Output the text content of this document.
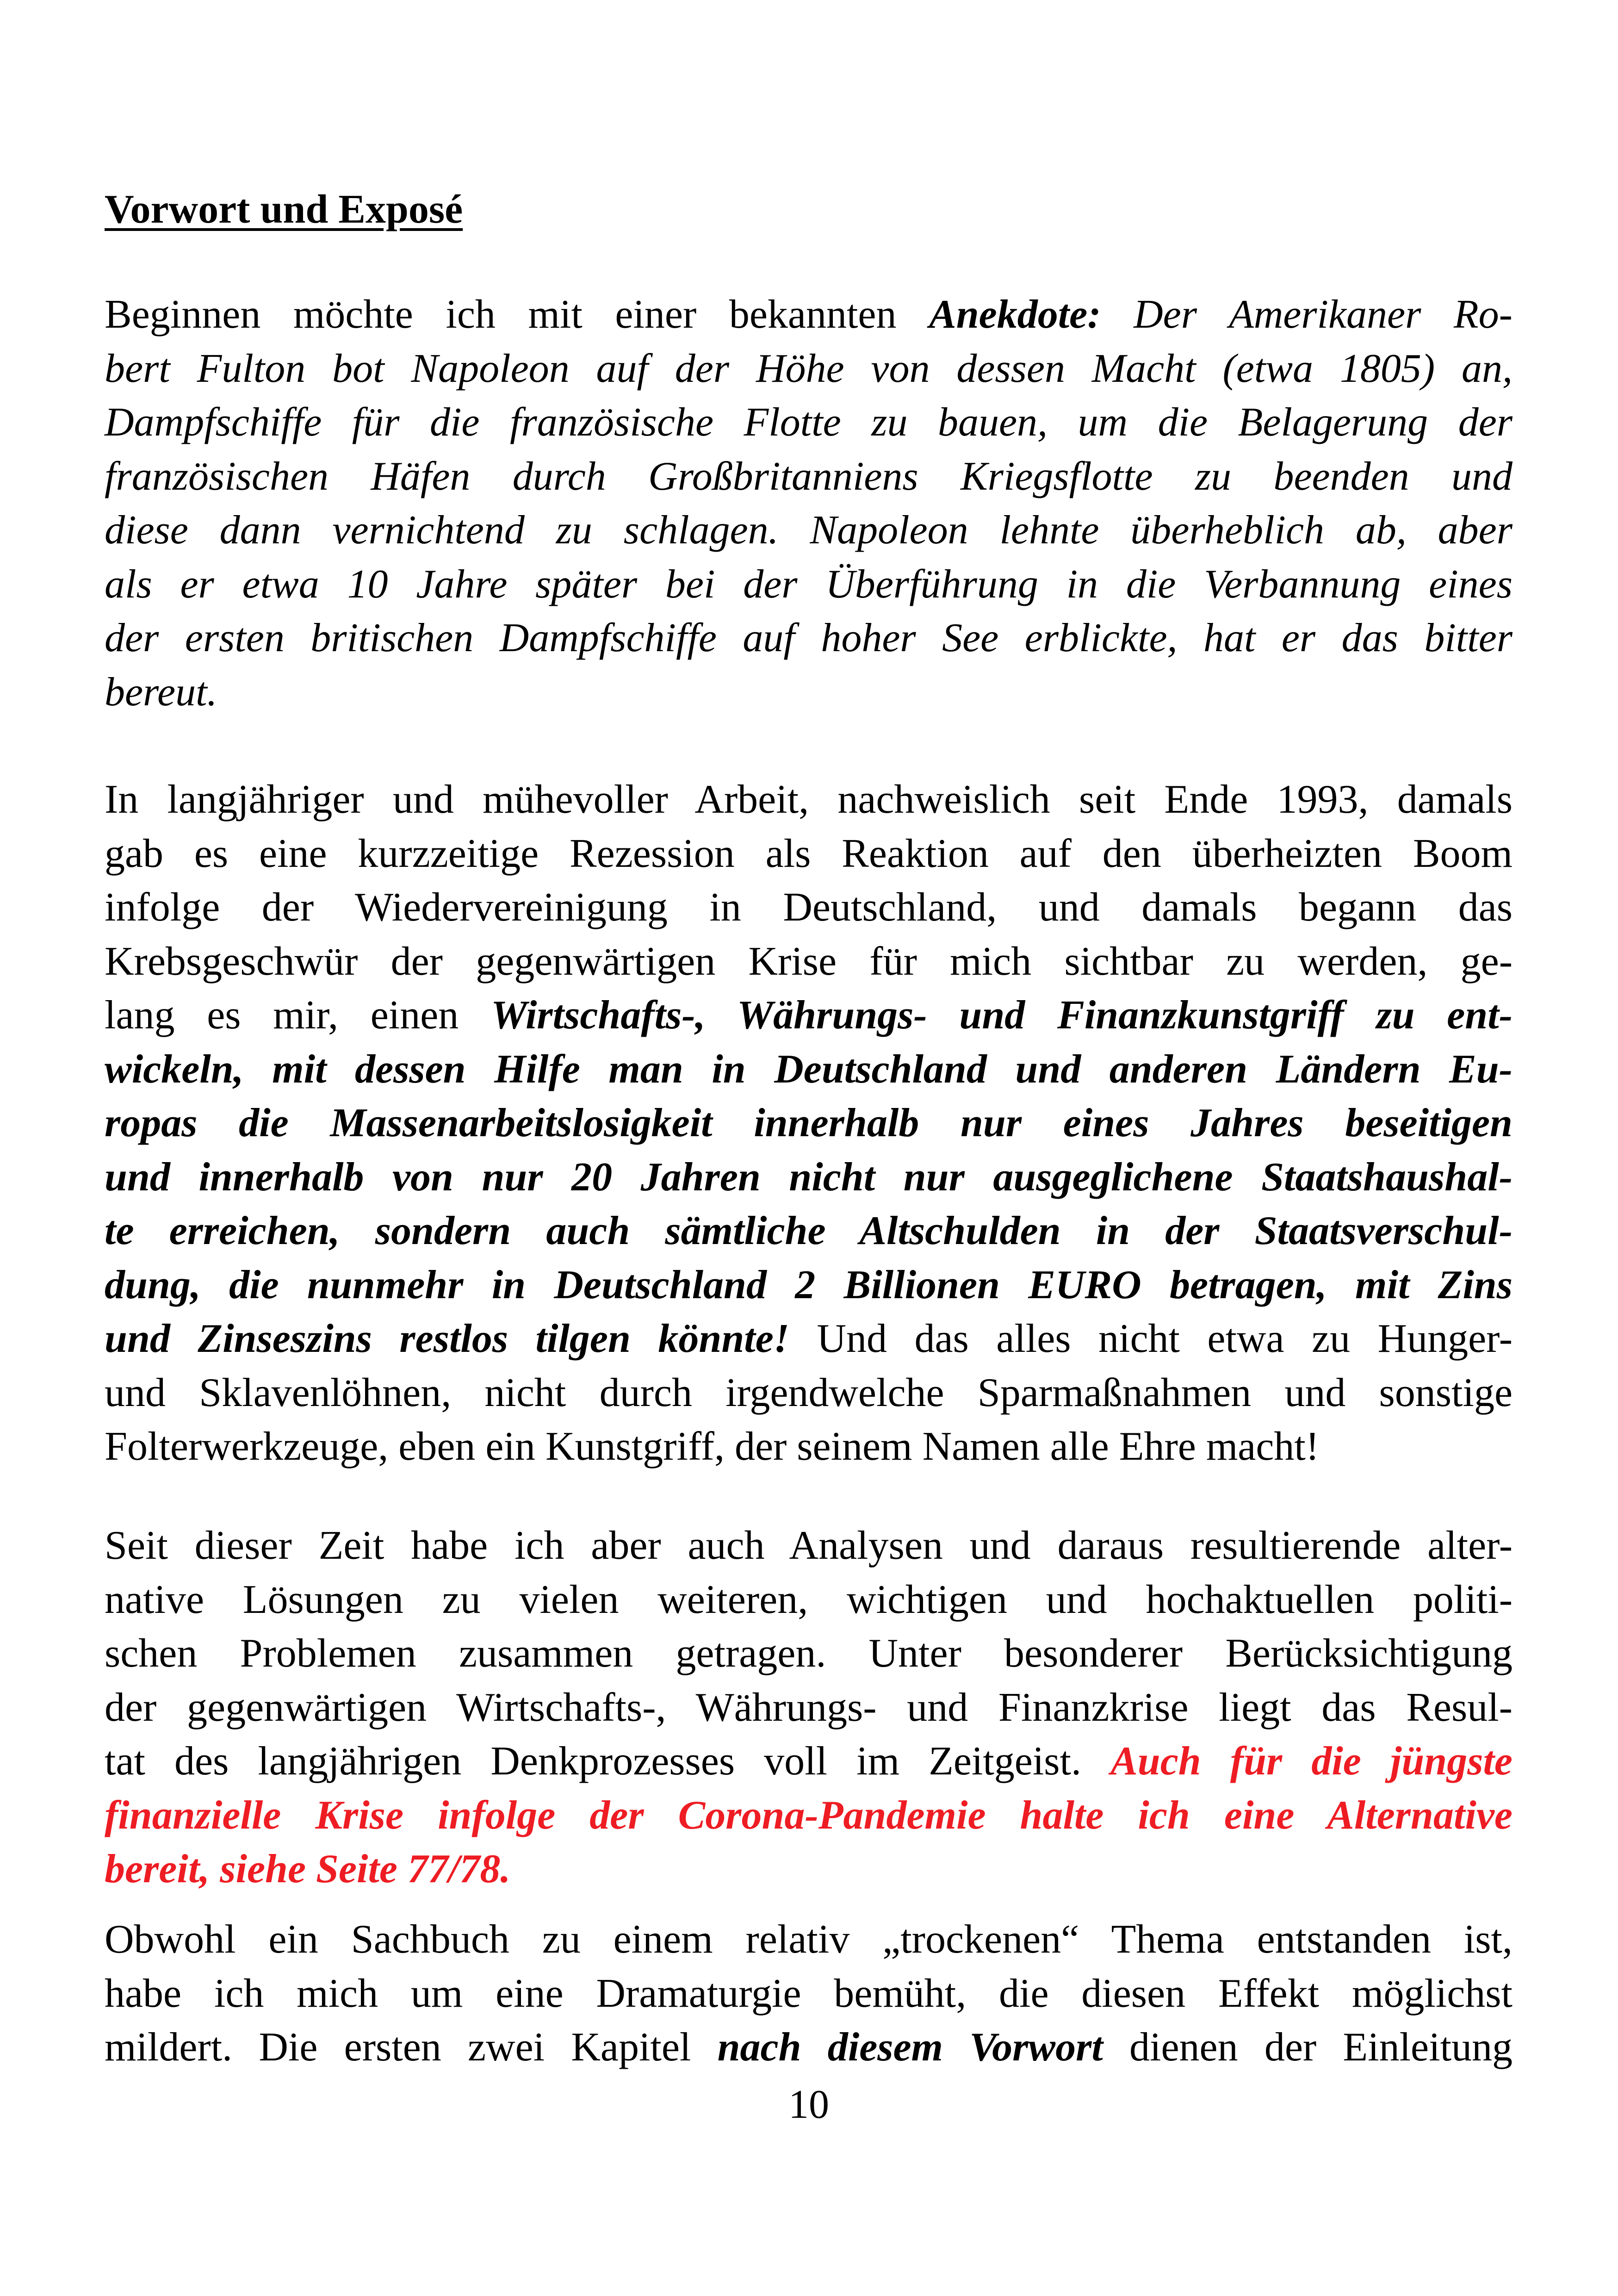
Vorwort und Exposé
Beginnen möchte ich mit einer bekannten Anekdote: Der Amerikaner Ro-
bert Fulton bot Napoleon auf der Höhe von dessen Macht (etwa 1805) an,
Dampfschiffe für die französische Flotte zu bauen, um die Belagerung der
französischen Häfen durch Großbritanniens Kriegsflotte zu beenden und
diese dann vernichtend zu schlagen. Napoleon lehnte überheblich ab, aber
als er etwa 10 Jahre später bei der Überführung in die Verbannung eines
der ersten britischen Dampfschiffe auf hoher See erblickte, hat er das bitter
bereut.
In langjähriger und mühevoller Arbeit, nachweislich seit Ende 1993, damals
gab es eine kurzzeitige Rezession als Reaktion auf den überheizten Boom
infolge der Wiedervereinigung in Deutschland, und damals begann das
Krebsgeschwür der gegenwärtigen Krise für mich sichtbar zu werden, ge-
lang es mir, einen Wirtschafts-, Währungs- und Finanzkunstgriff zu ent-
wickeln, mit dessen Hilfe man in Deutschland und anderen Ländern Eu-
ropas die Massenarbeitslosigkeit innerhalb nur eines Jahres beseitigen
und innerhalb von nur 20 Jahren nicht nur ausgeglichene Staatshaushal-
te erreichen, sondern auch sämtliche Altschulden in der Staatsverschul-
dung, die nunmehr in Deutschland 2 Billionen EURO betragen, mit Zins
und Zinseszins restlos tilgen könnte! Und das alles nicht etwa zu Hunger-
und Sklavenlöhnen, nicht durch irgendwelche Sparmaßnahmen und sonstige
Folterwerkzeuge, eben ein Kunstgriff, der seinem Namen alle Ehre macht!
Seit dieser Zeit habe ich aber auch Analysen und daraus resultierende alter-
native Lösungen zu vielen weiteren, wichtigen und hochaktuellen politi-
schen Problemen zusammen getragen. Unter besonderer Berücksichtigung
der gegenwärtigen Wirtschafts-, Währungs- und Finanzkrise liegt das Resul-
tat des langjährigen Denkprozesses voll im Zeitgeist. Auch für die jüngste
finanzielle Krise infolge der Corona-Pandemie halte ich eine Alternative
bereit, siehe Seite 77/78.
Obwohl ein Sachbuch zu einem relativ „trockenen“ Thema entstanden ist,
habe ich mich um eine Dramaturgie bemüht, die diesen Effekt möglichst
mildert. Die ersten zwei Kapitel nach diesem Vorwort dienen der Einleitung
10
